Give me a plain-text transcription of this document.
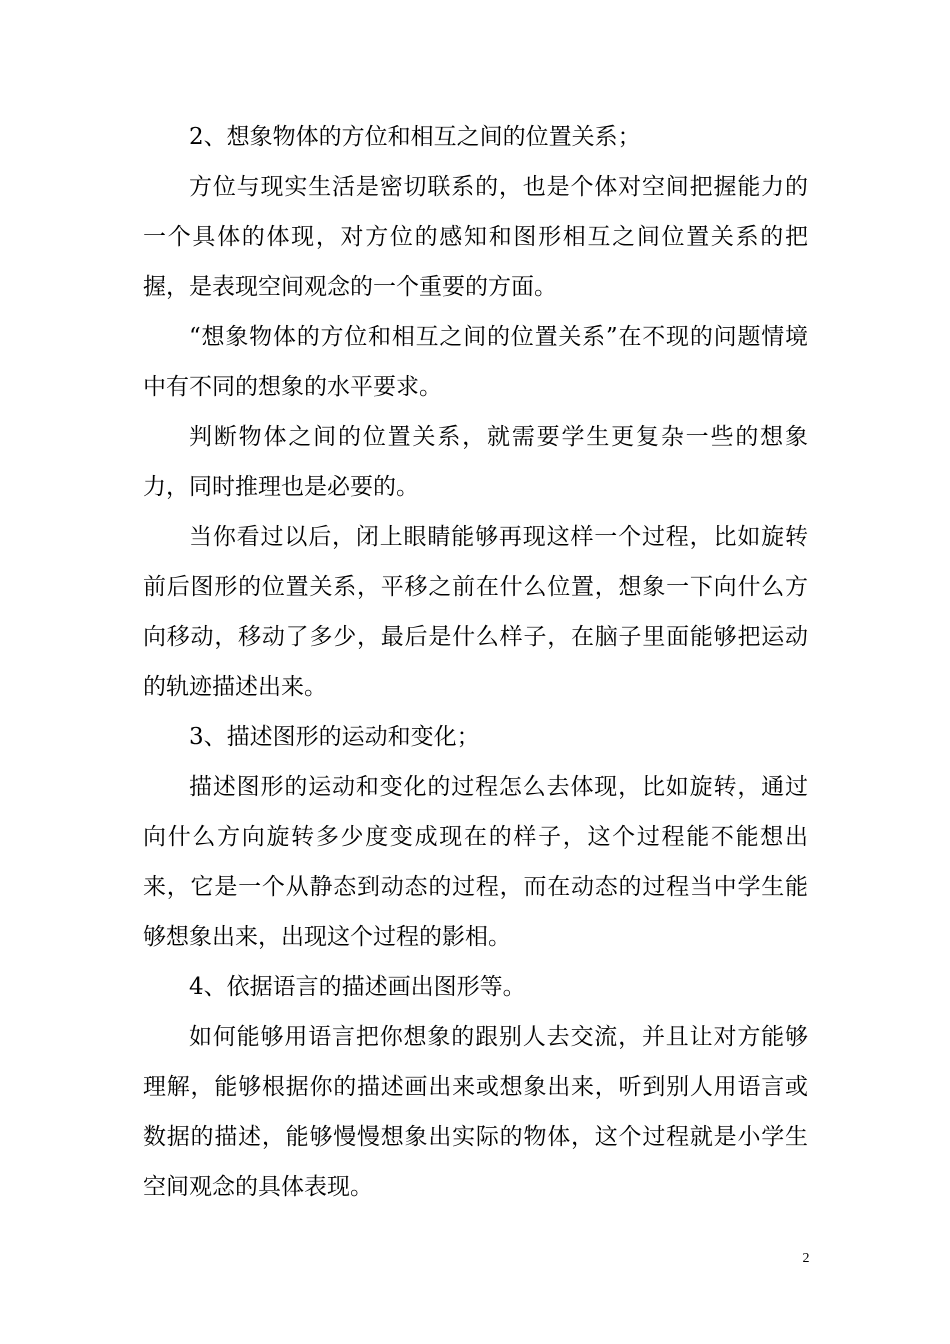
2、想象物体的方位和相互之间的位置关系；

方位与现实生活是密切联系的，也是个体对空间把握能力的一个具体的体现，对方位的感知和图形相互之间位置关系的把握，是表现空间观念的一个重要的方面。

“想象物体的方位和相互之间的位置关系”在不现的问题情境中有不同的想象的水平要求。

判断物体之间的位置关系，就需要学生更复杂一些的想象力，同时推理也是必要的。

当你看过以后，闭上眼睛能够再现这样一个过程，比如旋转前后图形的位置关系，平移之前在什么位置，想象一下向什么方向移动，移动了多少，最后是什么样子，在脑子里面能够把运动的轨迹描述出来。

3、描述图形的运动和变化；

描述图形的运动和变化的过程怎么去体现，比如旋转，通过向什么方向旋转多少度变成现在的样子，这个过程能不能想出来，它是一个从静态到动态的过程，而在动态的过程当中学生能够想象出来，出现这个过程的影相。

4、依据语言的描述画出图形等。

如何能够用语言把你想象的跟别人去交流，并且让对方能够理解，能够根据你的描述画出来或想象出来，听到别人用语言或数据的描述，能够慢慢想象出实际的物体，这个过程就是小学生空间观念的具体表现。

2
